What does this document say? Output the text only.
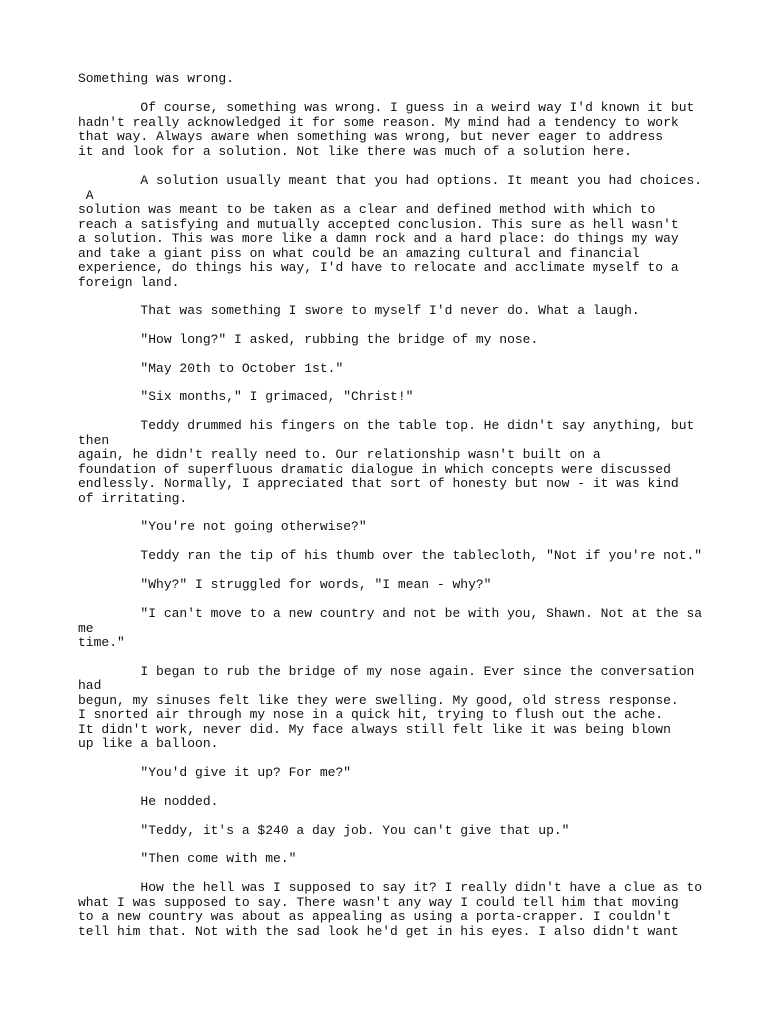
Something was wrong.

Of course, something was wrong. I guess in a weird way I'd known it but

hadn't really acknowledged it for some reason. My mind had a tendency to work

that way. Always aware when something was wrong, but never eager to address

it and look for a solution. Not like there was much of a solution here.

A solution usually meant that you had options. It meant you had choices.

A

solution was meant to be taken as a clear and defined method with which to

reach a satisfying and mutually accepted conclusion. This sure as hell wasn't

a solution. This was more like a damn rock and a hard place: do things my way

and take a giant piss on what could be an amazing cultural and financial

experience, do things his way, I'd have to relocate and acclimate myself to a

foreign land.

That was something I swore to myself I'd never do. What a laugh.

"How long?" I asked, rubbing the bridge of my nose.

"May 20th to October 1st."

"Six months," I grimaced, "Christ!"

Teddy drummed his fingers on the table top. He didn't say anything, but

then

again, he didn't really need to. Our relationship wasn't built on a

foundation of superfluous dramatic dialogue in which concepts were discussed

endlessly. Normally, I appreciated that sort of honesty but now - it was kind

of irritating.

"You're not going otherwise?"

Teddy ran the tip of his thumb over the tablecloth, "Not if you're not."

"Why?" I struggled for words, "I mean - why?"

"I can't move to a new country and not be with you, Shawn. Not at the sa

me

time."

I began to rub the bridge of my nose again. Ever since the conversation

had

begun, my sinuses felt like they were swelling. My good, old stress response.

I snorted air through my nose in a quick hit, trying to flush out the ache.

It didn't work, never did. My face always still felt like it was being blown

up like a balloon.

"You'd give it up? For me?"

He nodded.

"Teddy, it's a $240 a day job. You can't give that up."

"Then come with me."

How the hell was I supposed to say it? I really didn't have a clue as to

what I was supposed to say. There wasn't any way I could tell him that moving

to a new country was about as appealing as using a porta-crapper. I couldn't

tell him that. Not with the sad look he'd get in his eyes. I also didn't want
